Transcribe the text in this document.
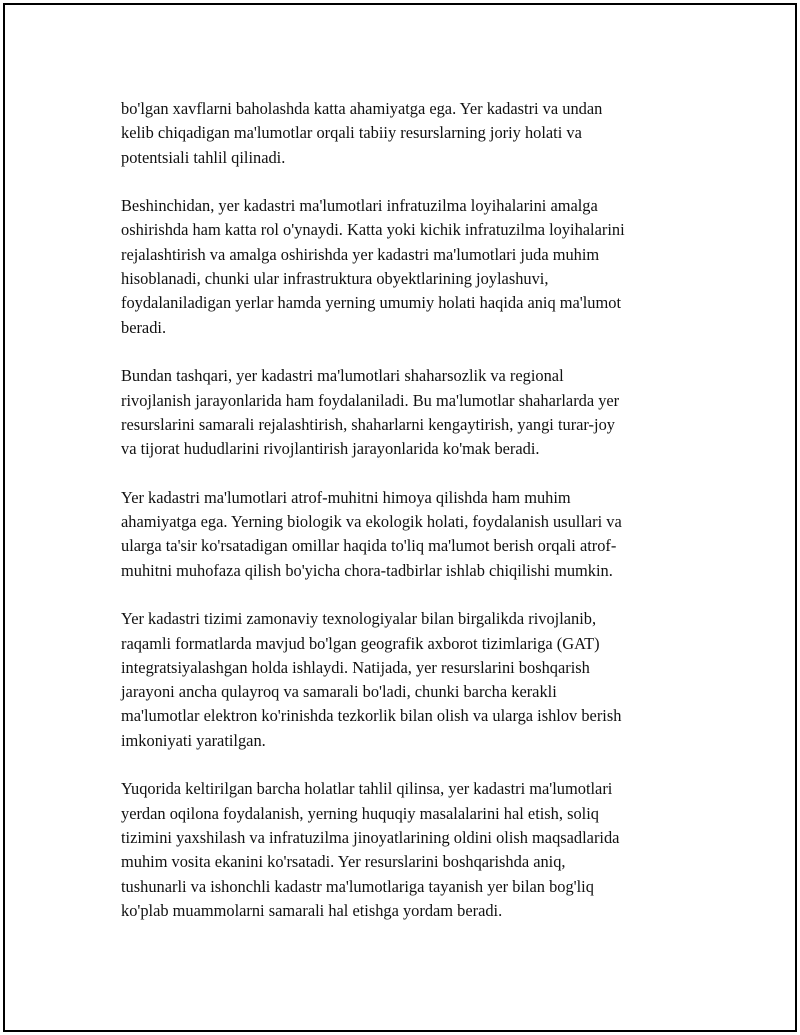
bo'lgan xavflarni baholashda katta ahamiyatga ega. Yer kadastri va undan
kelib chiqadigan ma'lumotlar orqali tabiiy resurslarning joriy holati va
potentsiali tahlil qilinadi.

Beshinchidan, yer kadastri ma'lumotlari infratuzilma loyihalarini amalga
oshirishda ham katta rol o'ynaydi. Katta yoki kichik infratuzilma loyihalarini
rejalashtirish va amalga oshirishda yer kadastri ma'lumotlari juda muhim
hisoblanadi, chunki ular infrastruktura obyektlarining joylashuvi,
foydalaniladigan yerlar hamda yerning umumiy holati haqida aniq ma'lumot
beradi.

Bundan tashqari, yer kadastri ma'lumotlari shaharsozlik va regional
rivojlanish jarayonlarida ham foydalaniladi. Bu ma'lumotlar shaharlarda yer
resurslarini samarali rejalashtirish, shaharlarni kengaytirish, yangi turar-joy
va tijorat hududlarini rivojlantirish jarayonlarida ko'mak beradi.

Yer kadastri ma'lumotlari atrof-muhitni himoya qilishda ham muhim
ahamiyatga ega. Yerning biologik va ekologik holati, foydalanish usullari va
ularga ta'sir ko'rsatadigan omillar haqida to'liq ma'lumot berish orqali atrof-
muhitni muhofaza qilish bo'yicha chora-tadbirlar ishlab chiqilishi mumkin.

Yer kadastri tizimi zamonaviy texnologiyalar bilan birgalikda rivojlanib,
raqamli formatlarda mavjud bo'lgan geografik axborot tizimlariga (GAT)
integratsiyalashgan holda ishlaydi. Natijada, yer resurslarini boshqarish
jarayoni ancha qulayroq va samarali bo'ladi, chunki barcha kerakli
ma'lumotlar elektron ko'rinishda tezkorlik bilan olish va ularga ishlov berish
imkoniyati yaratilgan.

Yuqorida keltirilgan barcha holatlar tahlil qilinsa, yer kadastri ma'lumotlari
yerdan oqilona foydalanish, yerning huquqiy masalalarini hal etish, soliq
tizimini yaxshilash va infratuzilma jinoyatlarining oldini olish maqsadlarida
muhim vosita ekanini ko'rsatadi. Yer resurslarini boshqarishda aniq,
tushunarli va ishonchli kadastr ma'lumotlariga tayanish yer bilan bog'liq
ko'plab muammolarni samarali hal etishga yordam beradi.
